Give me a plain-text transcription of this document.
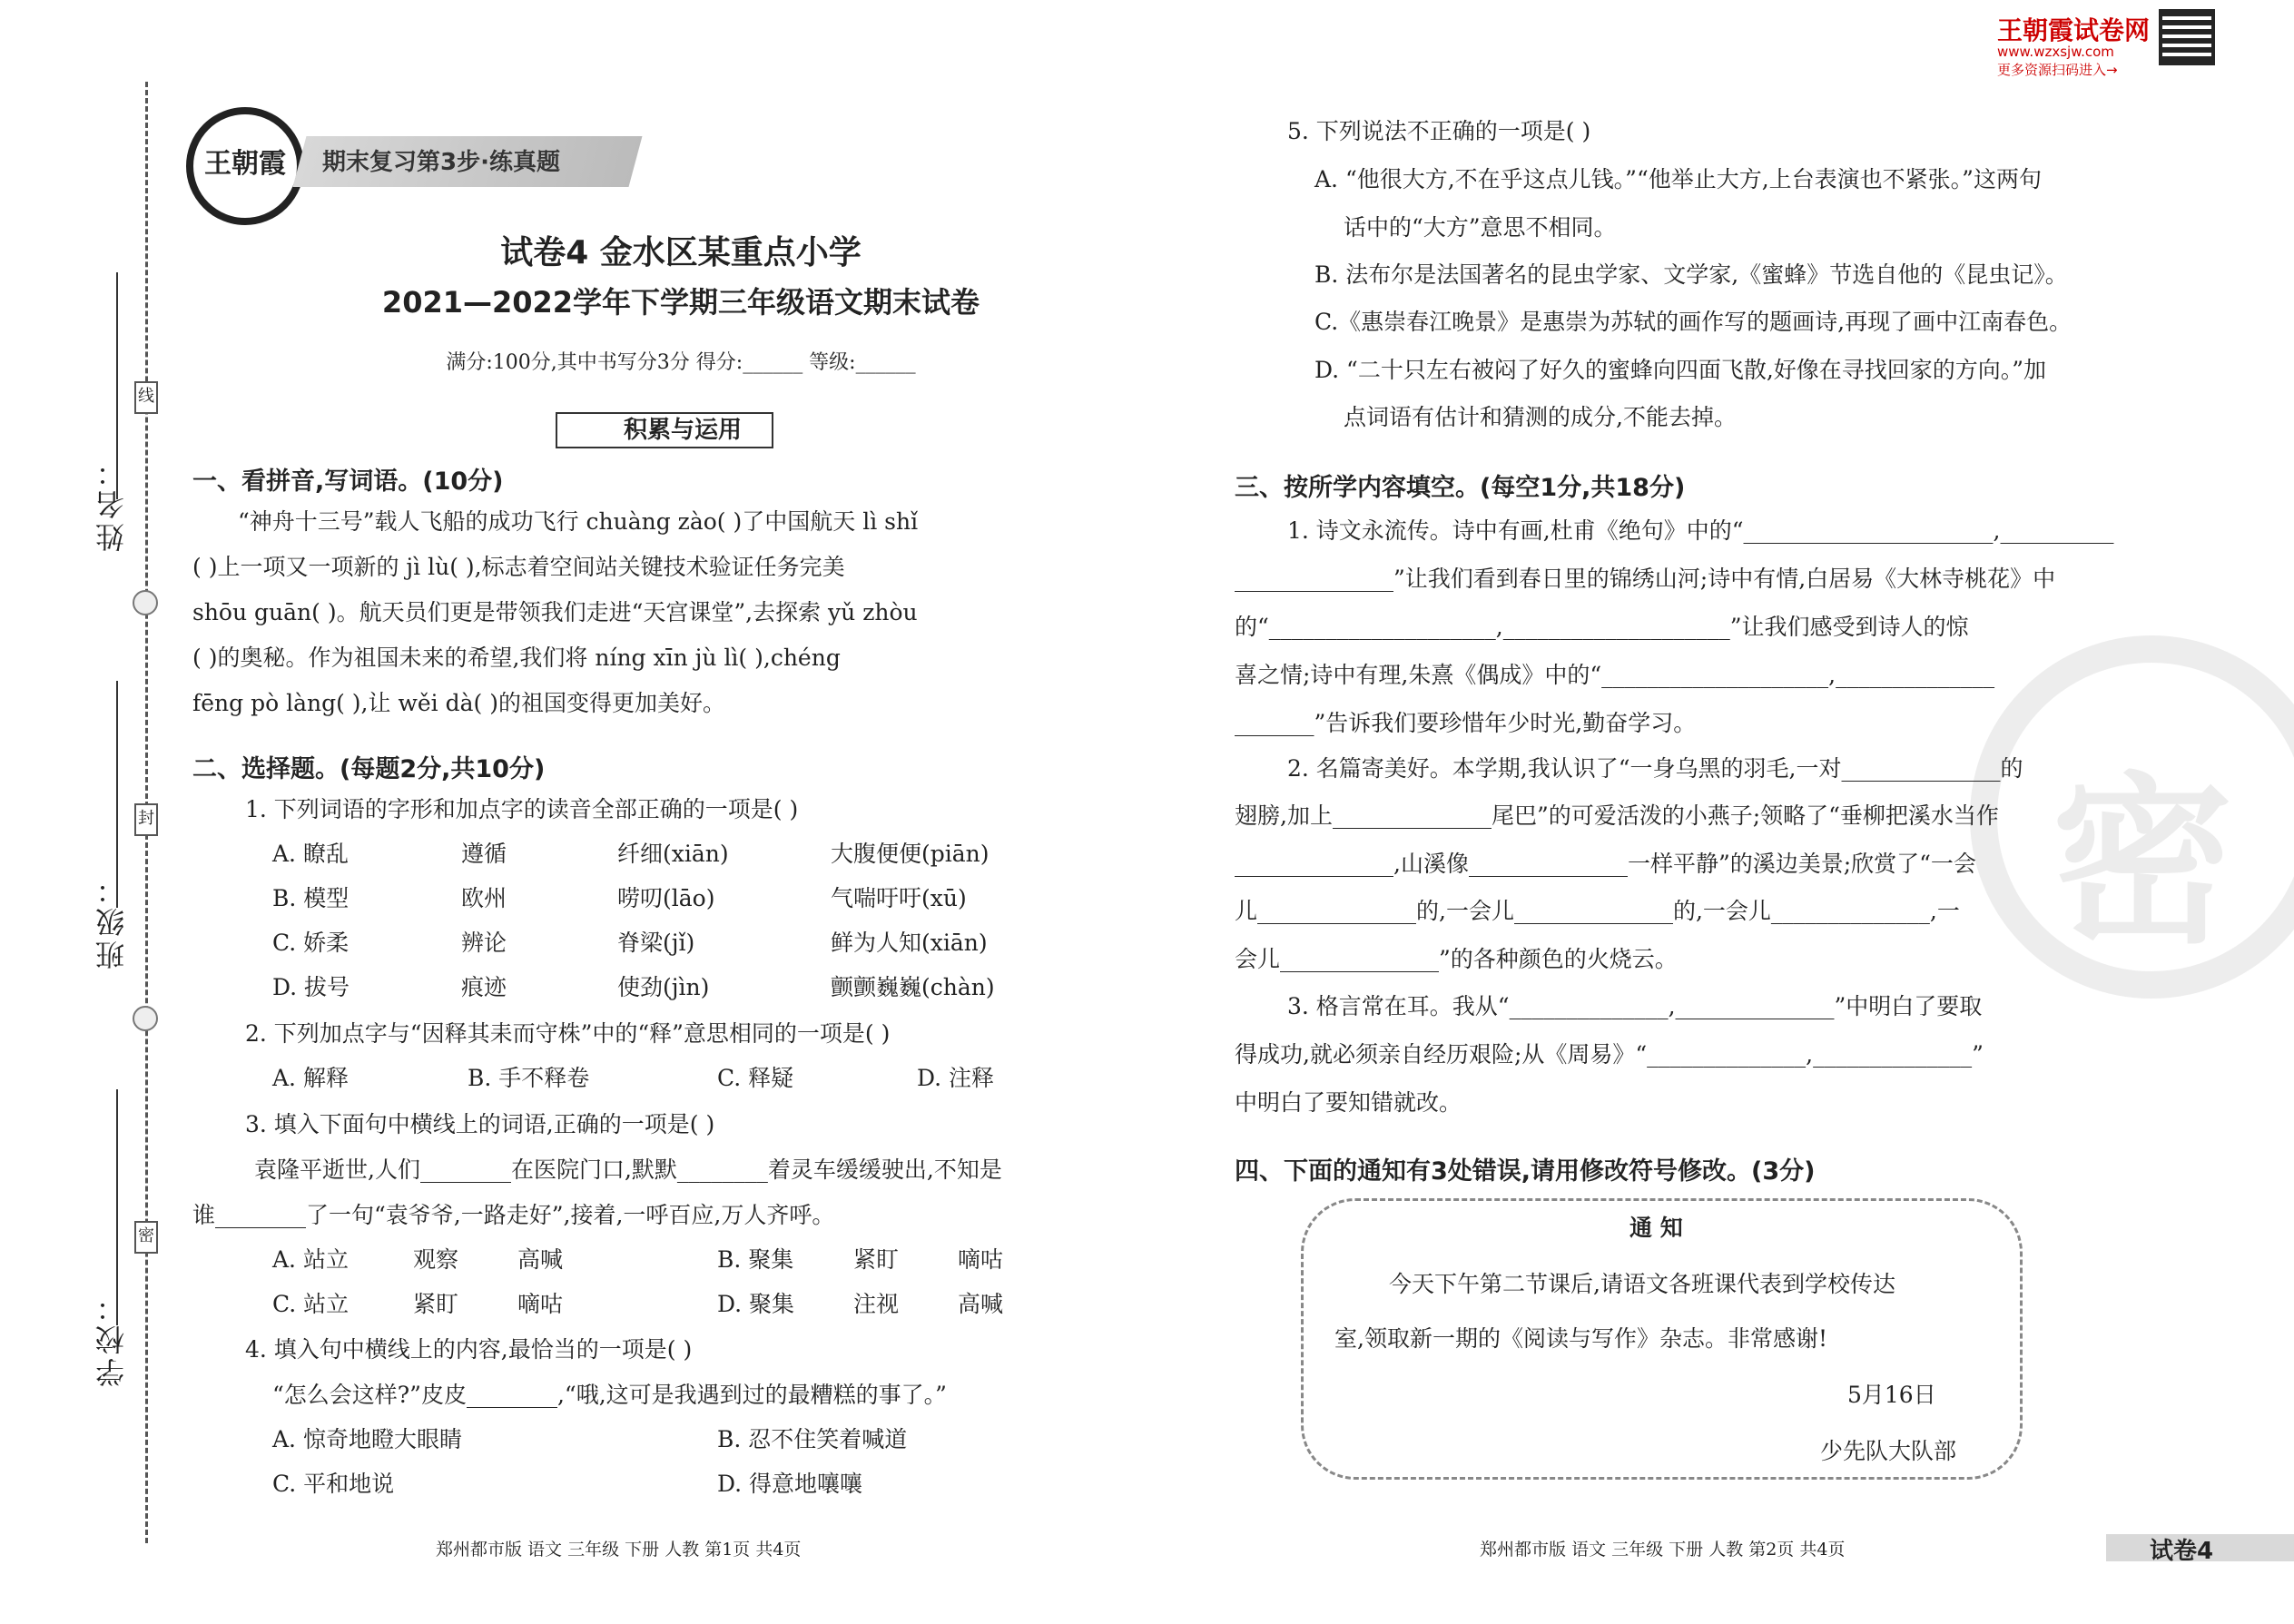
姓名：
班级：
学校：
线
封
密
王朝霞	期末复习第3步·练真题
王朝霞试卷网
www.wzxsjw.com
更多资源扫码进入→
试卷4 金水区某重点小学
2021—2022学年下学期三年级语文期末试卷
满分:100分,其中书写分3分 得分:______ 等级:______
积累与运用
一、看拼音,写词语。(10分)
“神舟十三号”载人飞船的成功飞行 chuàng zào( )了中国航天 lì shǐ
( )上一项又一项新的 jì lù( ),标志着空间站关键技术验证任务完美
shōu guān( )。航天员们更是带领我们走进“天宫课堂”,去探索 yǔ zhòu
( )的奥秘。作为祖国未来的希望,我们将 níng xīn jù lì( ),chéng
fēng pò làng( ),让 wěi dà( )的祖国变得更加美好。
二、选择题。(每题2分,共10分)
1. 下列词语的字形和加点字的读音全部正确的一项是( )
A. 瞭乱	遵循	纤细(xiān)	大腹便便(piān)
B. 模型	欧州	唠叨(lāo)	气喘吁吁(xū)
C. 娇柔	辨论	脊梁(jǐ)	鲜为人知(xiān)
D. 拔号	痕迹	使劲(jìn)	颤颤巍巍(chàn)
2. 下列加点字与“因释其耒而守株”中的“释”意思相同的一项是( )
A. 解释	B. 手不释卷	C. 释疑	D. 注释
3. 填入下面句中横线上的词语,正确的一项是( )
袁隆平逝世,人们________在医院门口,默默________着灵车缓缓驶出,不知是
谁________了一句“袁爷爷,一路走好”,接着,一呼百应,万人齐呼。
A. 站立	观察	高喊	B. 聚集	紧盯	嘀咕
C. 站立	紧盯	嘀咕	D. 聚集	注视	高喊
4. 填入句中横线上的内容,最恰当的一项是( )
“怎么会这样?”皮皮________,“哦,这可是我遇到过的最糟糕的事了。”
A. 惊奇地瞪大眼睛	B. 忍不住笑着喊道
C. 平和地说	D. 得意地嚷嚷
密
5. 下列说法不正确的一项是( )
A. “他很大方,不在乎这点儿钱。”“他举止大方,上台表演也不紧张。”这两句
话中的“大方”意思不相同。
B. 法布尔是法国著名的昆虫学家、文学家,《蜜蜂》节选自他的《昆虫记》。
C.《惠崇春江晚景》是惠崇为苏轼的画作写的题画诗,再现了画中江南春色。
D. “二十只左右被闷了好久的蜜蜂向四面飞散,好像在寻找回家的方向。”加
点词语有估计和猜测的成分,不能去掉。
三、按所学内容填空。(每空1分,共18分)
1. 诗文永流传。诗中有画,杜甫《绝句》中的“______________________,__________
______________”让我们看到春日里的锦绣山河;诗中有情,白居易《大林寺桃花》中
的“____________________,____________________”让我们感受到诗人的惊
喜之情;诗中有理,朱熹《偶成》中的“____________________,______________
_______”告诉我们要珍惜年少时光,勤奋学习。
2. 名篇寄美好。本学期,我认识了“一身乌黑的羽毛,一对______________的
翅膀,加上______________尾巴”的可爱活泼的小燕子;领略了“垂柳把溪水当作
______________,山溪像______________一样平静”的溪边美景;欣赏了“一会
儿______________的,一会儿______________的,一会儿______________,一
会儿______________”的各种颜色的火烧云。
3. 格言常在耳。我从“______________,______________”中明白了要取
得成功,就必须亲自经历艰险;从《周易》“______________,______________”
中明白了要知错就改。
四、下面的通知有3处错误,请用修改符号修改。(3分)
通 知
今天下午第二节课后,请语文各班课代表到学校传达
室,领取新一期的《阅读与写作》杂志。非常感谢!
5月16日
少先队大队部
郑州都市版 语文 三年级 下册 人教 第1页 共4页	郑州都市版 语文 三年级 下册 人教 第2页 共4页	试卷4
